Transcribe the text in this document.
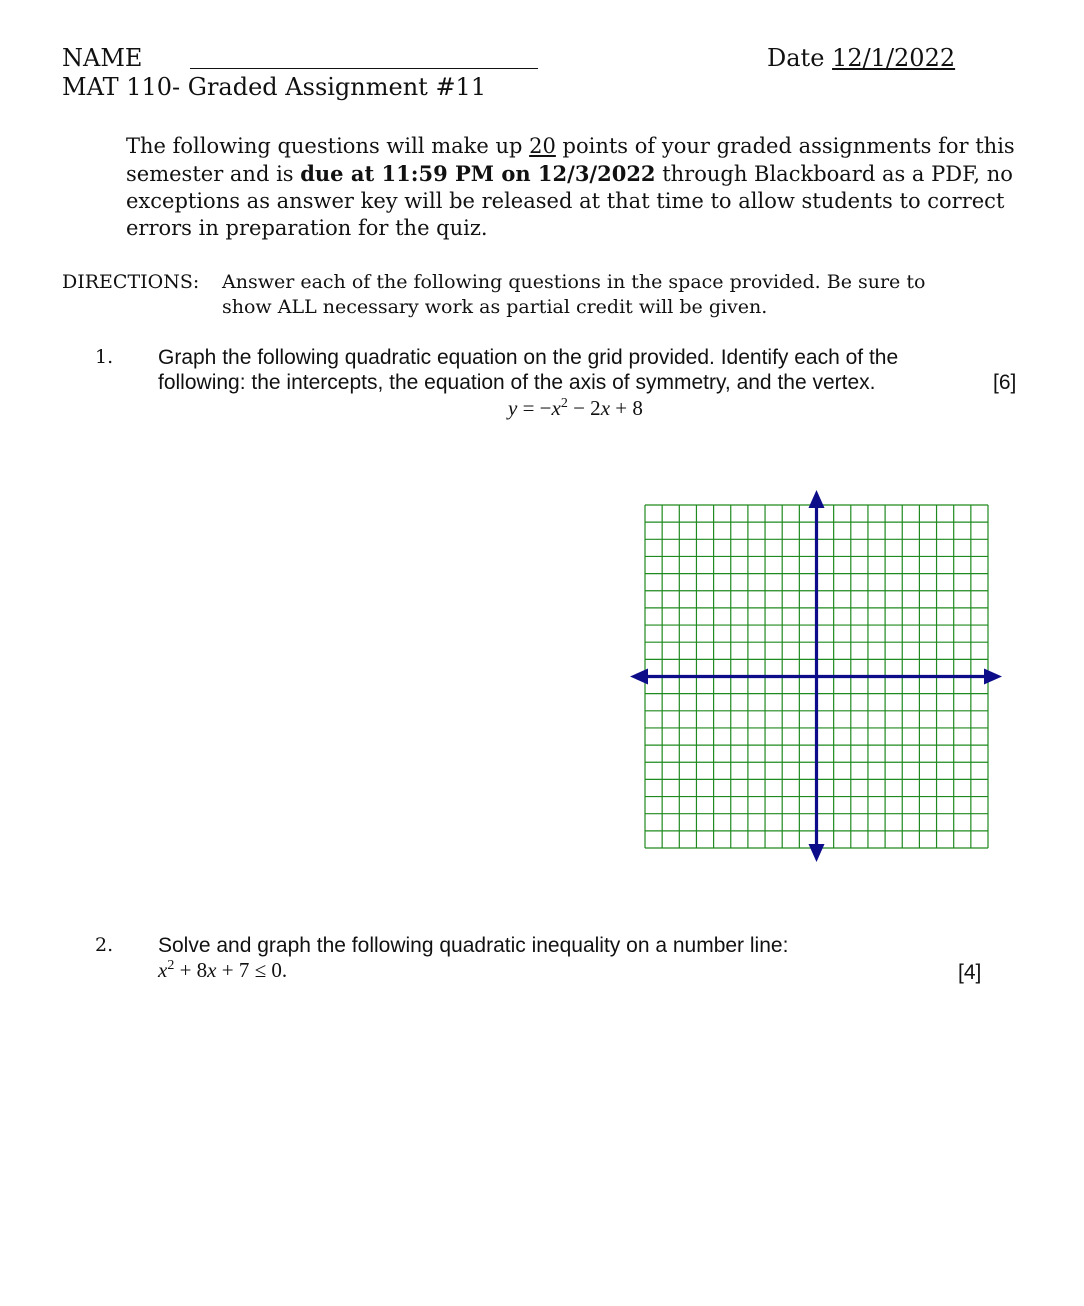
NAME	Date 12/1/2022
MAT 110- Graded Assignment #11
The following questions will make up 20 points of your graded assignments for this semester and is due at 11:59 PM on 12/3/2022 through Blackboard as a PDF, no exceptions as answer key will be released at that time to allow students to correct errors in preparation for the quiz.
DIRECTIONS: Answer each of the following questions in the space provided. Be sure to
show ALL necessary work as partial credit will be given.
1. Graph the following quadratic equation on the grid provided. Identify each of the
following: the intercepts, the equation of the axis of symmetry, and the vertex.	[6]
$y = -x^2 - 2x + 8$
2. Solve and graph the following quadratic inequality on a number line:
$x^2 + 8x + 7 \le 0$.	[4]
